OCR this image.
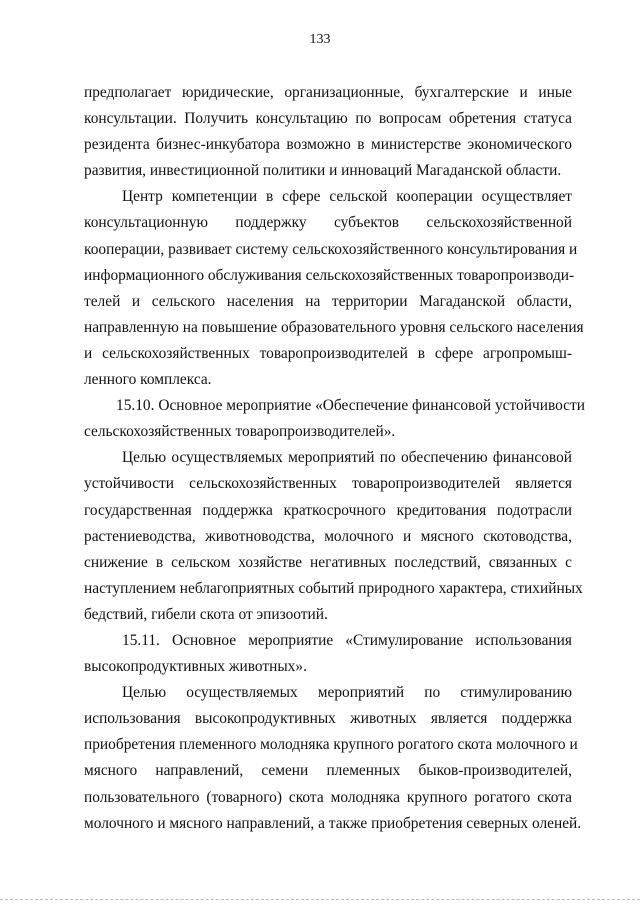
133
предполагает юридические, организационные, бухгалтерские и иные
консультации. Получить консультацию по вопросам обретения статуса
резидента бизнес-инкубатора возможно в министерстве экономического
развития, инвестиционной политики и инноваций Магаданской области.
Центр компетенции в сфере сельской кооперации осуществляет
консультационную поддержку субъектов сельскохозяйственной
кооперации, развивает систему сельскохозяйственного консультирования и
информационного обслуживания сельскохозяйственных товаропроизводи-
телей и сельского населения на территории Магаданской области,
направленную на повышение образовательного уровня сельского населения
и сельскохозяйственных товаропроизводителей в сфере агропромыш-
ленного комплекса.
15.10. Основное мероприятие «Обеспечение финансовой устойчивости
сельскохозяйственных товаропроизводителей».
Целью осуществляемых мероприятий по обеспечению финансовой
устойчивости сельскохозяйственных товаропроизводителей является
государственная поддержка краткосрочного кредитования подотрасли
растениеводства, животноводства, молочного и мясного скотоводства,
снижение в сельском хозяйстве негативных последствий, связанных с
наступлением неблагоприятных событий природного характера, стихийных
бедствий, гибели скота от эпизоотий.
15.11. Основное мероприятие «Стимулирование использования
высокопродуктивных животных».
Целью осуществляемых мероприятий по стимулированию
использования высокопродуктивных животных является поддержка
приобретения племенного молодняка крупного рогатого скота молочного и
мясного направлений, семени племенных быков-производителей,
пользовательного (товарного) скота молодняка крупного рогатого скота
молочного и мясного направлений, а также приобретения северных оленей.
